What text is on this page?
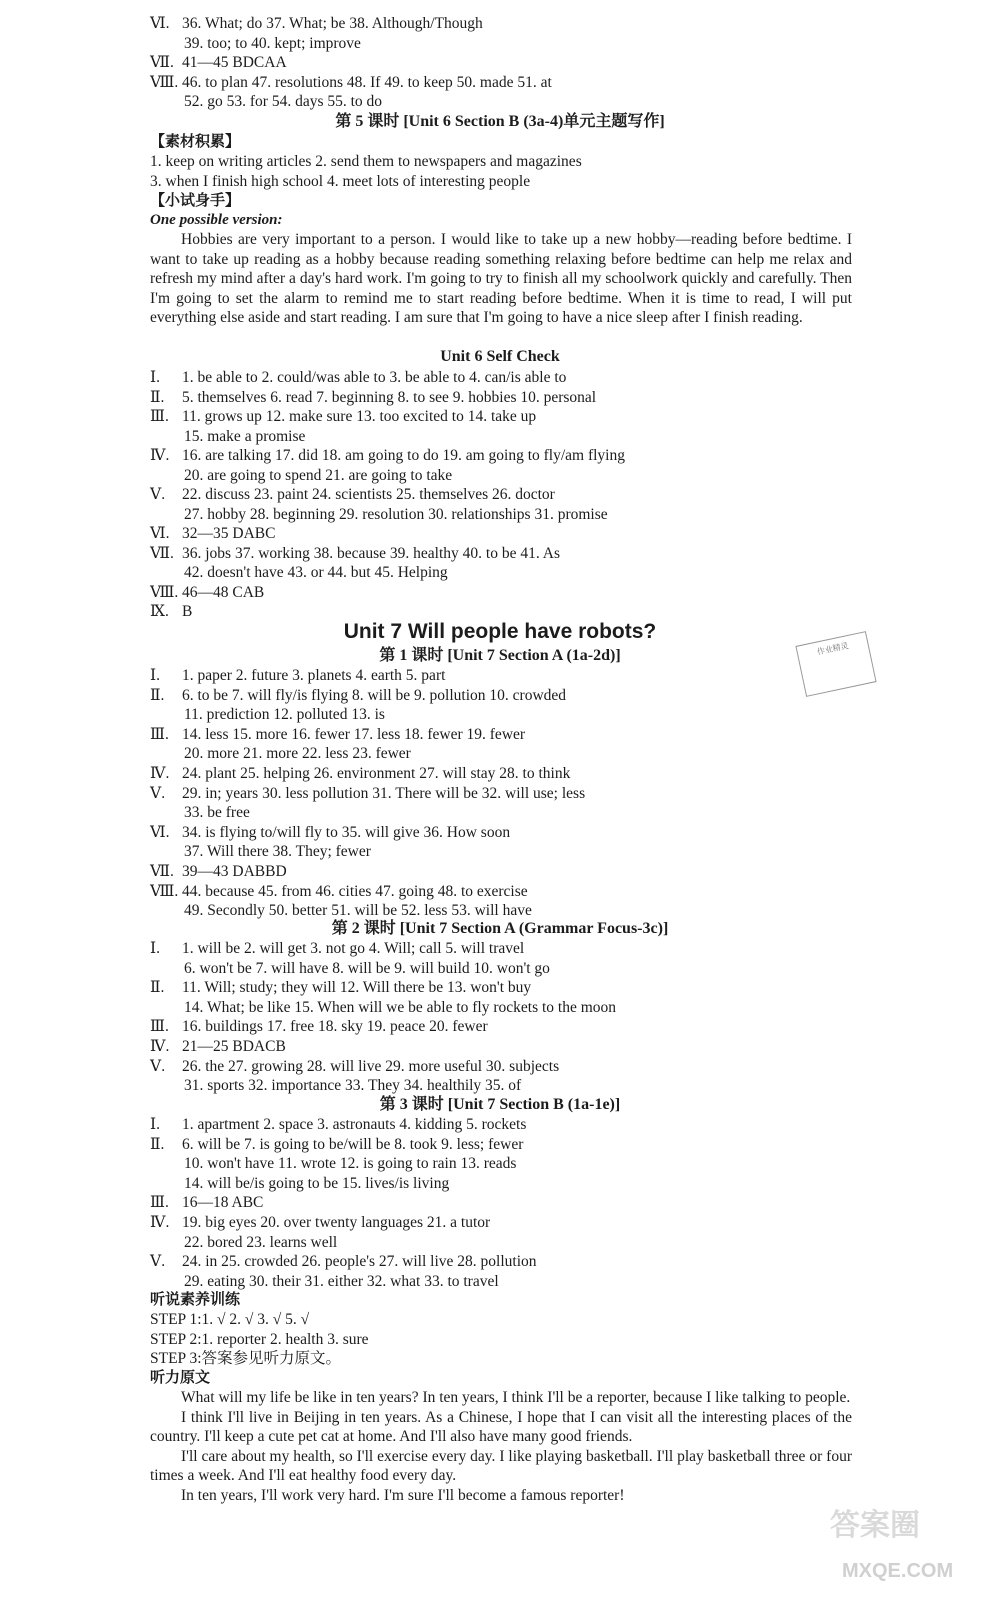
Ⅵ. 36. What; do 37. What; be 38. Although/Though
39. too; to 40. kept; improve
Ⅶ. 41—45 BDCAA
Ⅷ. 46. to plan 47. resolutions 48. If 49. to keep 50. made 51. at
52. go 53. for 54. days 55. to do
第 5 课时 [Unit 6 Section B (3a-4)单元主题写作]
【素材积累】
1. keep on writing articles 2. send them to newspapers and magazines
3. when I finish high school 4. meet lots of interesting people
【小试身手】
One possible version:

Hobbies are very important to a person. I would like to take up a new hobby—reading before bedtime. I want to take up reading as a hobby because reading something relaxing before bedtime can help me relax and refresh my mind after a day's hard work. I'm going to try to finish all my schoolwork quickly and carefully. Then I'm going to set the alarm to remind me to start reading before bedtime. When it is time to read, I will put everything else aside and start reading. I am sure that I'm going to have a nice sleep after I finish reading.

Unit 6 Self Check
Ⅰ.	1. be able to 2. could/was able to 3. be able to 4. can/is able to
Ⅱ.	5. themselves 6. read 7. beginning 8. to see 9. hobbies 10. personal
Ⅲ. 11. grows up 12. make sure 13. too excited to 14. take up
15. make a promise
Ⅳ. 16. are talking 17. did 18. am going to do 19. am going to fly/am flying
20. are going to spend 21. are going to take
Ⅴ.	22. discuss 23. paint 24. scientists 25. themselves 26. doctor
27. hobby 28. beginning 29. resolution 30. relationships 31. promise
Ⅵ. 32—35 DABC
Ⅶ. 36. jobs 37. working 38. because 39. healthy 40. to be 41. As
42. doesn't have 43. or 44. but 45. Helping
Ⅷ. 46—48 CAB
Ⅸ. B
Unit 7 Will people have robots?
作业精灵
第 1 课时 [Unit 7 Section A (1a-2d)]
Ⅰ.	1. paper 2. future 3. planets 4. earth 5. part
Ⅱ.	6. to be 7. will fly/is flying 8. will be 9. pollution 10. crowded
11. prediction 12. polluted 13. is
Ⅲ. 14. less 15. more 16. fewer 17. less 18. fewer 19. fewer
20. more 21. more 22. less 23. fewer
Ⅳ. 24. plant 25. helping 26. environment 27. will stay 28. to think
Ⅴ.	29. in; years 30. less pollution 31. There will be 32. will use; less
33. be free
Ⅵ. 34. is flying to/will fly to 35. will give 36. How soon
37. Will there 38. They; fewer
Ⅶ. 39—43 DABBD
Ⅷ. 44. because 45. from 46. cities 47. going 48. to exercise
49. Secondly 50. better 51. will be 52. less 53. will have
第 2 课时 [Unit 7 Section A (Grammar Focus-3c)]
Ⅰ.	1. will be 2. will get 3. not go 4. Will; call 5. will travel
6. won't be 7. will have 8. will be 9. will build 10. won't go
Ⅱ.	11. Will; study; they will 12. Will there be 13. won't buy
14. What; be like 15. When will we be able to fly rockets to the moon
Ⅲ. 16. buildings 17. free 18. sky 19. peace 20. fewer
Ⅳ. 21—25 BDACB
Ⅴ.	26. the 27. growing 28. will live 29. more useful 30. subjects
31. sports 32. importance 33. They 34. healthily 35. of
第 3 课时 [Unit 7 Section B (1a-1e)]
Ⅰ.	1. apartment 2. space 3. astronauts 4. kidding 5. rockets
Ⅱ.	6. will be 7. is going to be/will be 8. took 9. less; fewer
10. won't have 11. wrote 12. is going to rain 13. reads
14. will be/is going to be 15. lives/is living
Ⅲ. 16—18 ABC
Ⅳ. 19. big eyes 20. over twenty languages 21. a tutor
22. bored 23. learns well
Ⅴ.	24. in 25. crowded 26. people's 27. will live 28. pollution
29. eating 30. their 31. either 32. what 33. to travel
听说素养训练
STEP 1:1. √ 2. √ 3. √ 5. √
STEP 2:1. reporter 2. health 3. sure
STEP 3:答案参见听力原文。
听力原文

What will my life be like in ten years? In ten years, I think I'll be a reporter, because I like talking to people.

I think I'll live in Beijing in ten years. As a Chinese, I hope that I can visit all the interesting places of the country. I'll keep a cute pet cat at home. And I'll also have many good friends.

I'll care about my health, so I'll exercise every day. I like playing basketball. I'll play basketball three or four times a week. And I'll eat healthy food every day.

In ten years, I'll work very hard. I'm sure I'll become a famous reporter!

答案圈
MXQE.COM
